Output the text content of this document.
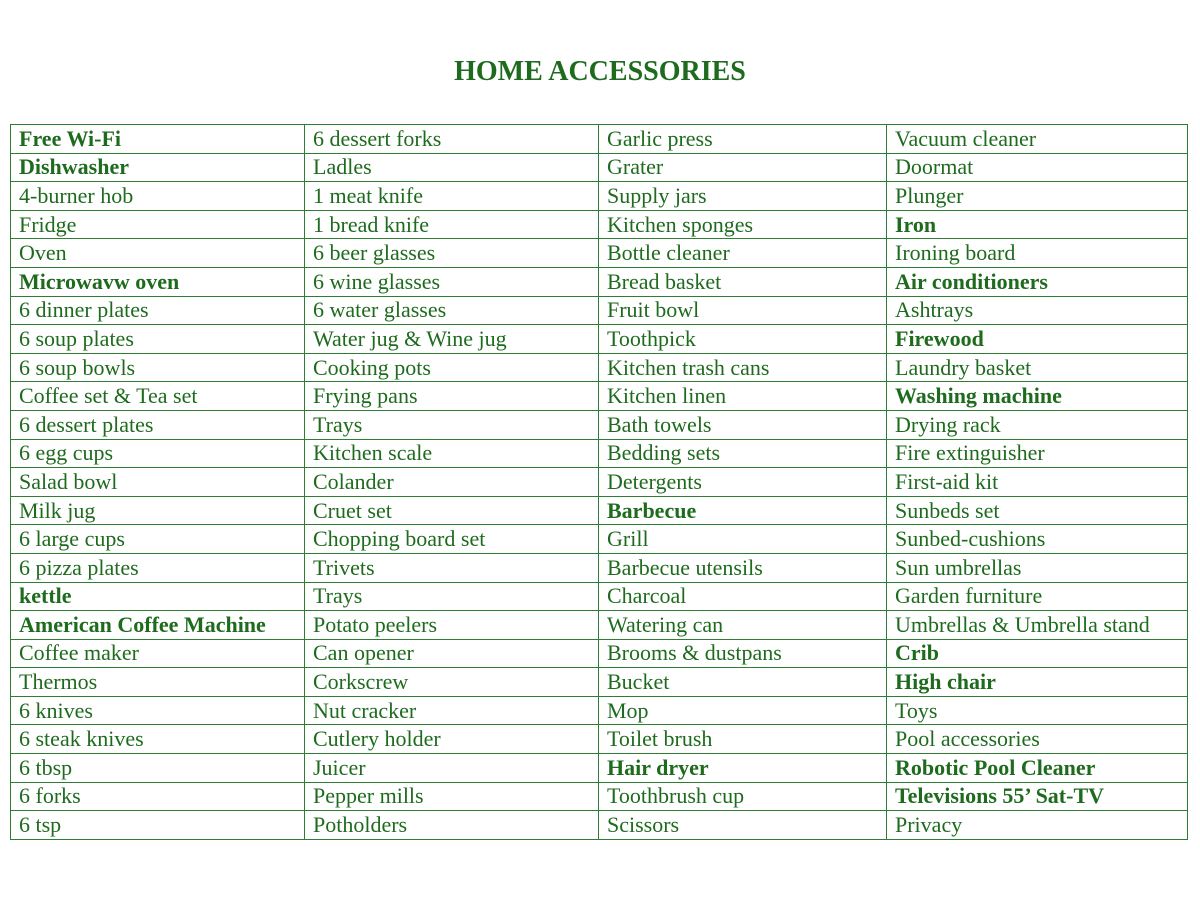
HOME ACCESSORIES
Free Wi-Fi	6 dessert forks	Garlic press	Vacuum cleaner
Dishwasher	Ladles	Grater	Doormat
4-burner hob	1 meat knife	Supply jars	Plunger
Fridge	1 bread knife	Kitchen sponges	Iron
Oven	6 beer glasses	Bottle cleaner	Ironing board
Microwavw oven	6 wine glasses	Bread basket	Air conditioners
6 dinner plates	6 water glasses	Fruit bowl	Ashtrays
6 soup plates	Water jug & Wine jug	Toothpick	Firewood
6 soup bowls	Cooking pots	Kitchen trash cans	Laundry basket
Coffee set & Tea set	Frying pans	Kitchen linen	Washing machine
6 dessert plates	Trays	Bath towels	Drying rack
6 egg cups	Kitchen scale	Bedding sets	Fire extinguisher
Salad bowl	Colander	Detergents	First-aid kit
Milk jug	Cruet set	Barbecue	Sunbeds set
6 large cups	Chopping board set	Grill	Sunbed-cushions
6 pizza plates	Trivets	Barbecue utensils	Sun umbrellas
kettle	Trays	Charcoal	Garden furniture
American Coffee Machine	Potato peelers	Watering can	Umbrellas & Umbrella stand
Coffee maker	Can opener	Brooms & dustpans	Crib
Thermos	Corkscrew	Bucket	High chair
6 knives	Nut cracker	Mop	Toys
6 steak knives	Cutlery holder	Toilet brush	Pool accessories
6 tbsp	Juicer	Hair dryer	Robotic Pool Cleaner
6 forks	Pepper mills	Toothbrush cup	Televisions 55’ Sat-TV
6 tsp	Potholders	Scissors	Privacy
